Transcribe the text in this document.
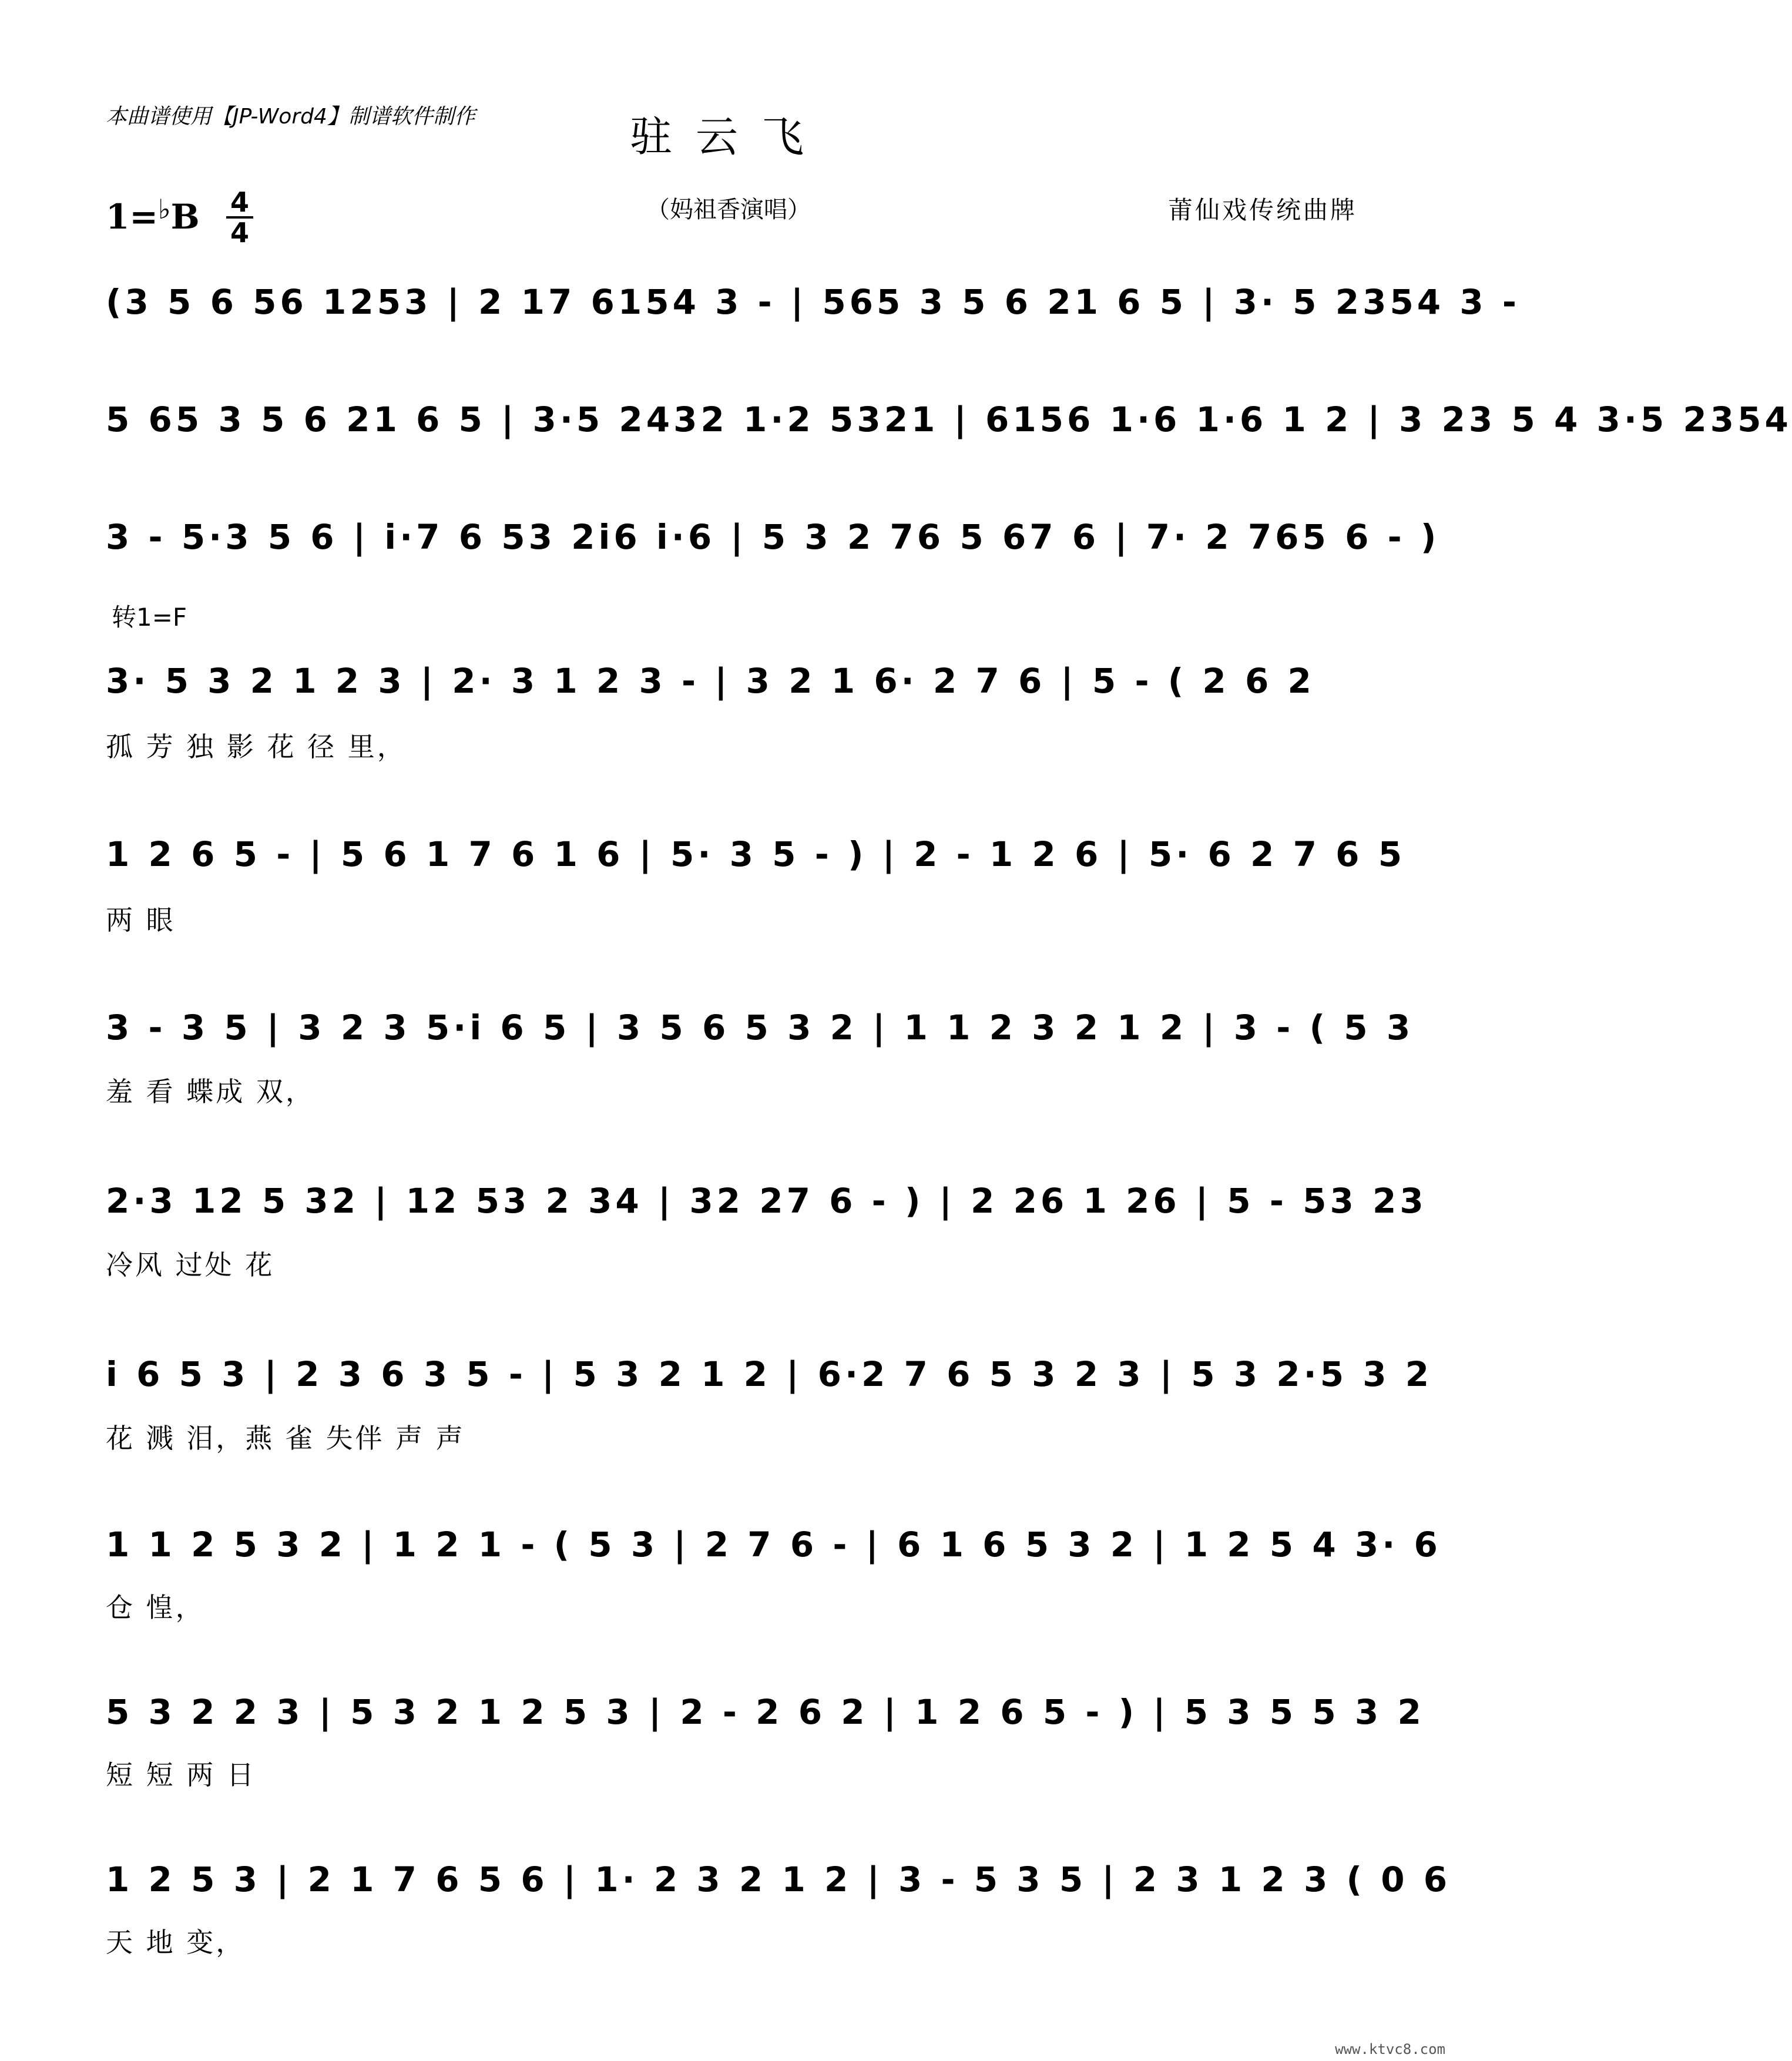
本曲谱使用【JP-Word4】制谱软件制作	驻云飞
（妈祖香演唱）	莆仙戏传统曲牌
1=♭B 4
4
转1=F
(3 5 6 56 1253 | 2 17 6154 3 - | 565 3 5 6 21 6 5 | 3· 5 2354 3 -
5 65 3 5 6 21 6 5 | 3·5 2432 1·2 5321 | 6156 1·6 1·6 1 2 | 3 23 5 4 3·5 2354
3 - 5·3 5 6 | i·7 6 53 2i6 i·6 | 5 3 2 76 5 67 6 | 7· 2 765 6 - )
3· 5 3 2 1 2 3 | 2· 3 1 2 3 - | 3 2 1 6· 2 7 6 | 5 - ( 2 6 2
孤 芳 独 影 花 径 里，
1 2 6 5 - | 5 6 1 7 6 1 6 | 5· 3 5 - ) | 2 - 1 2 6 | 5· 6 2 7 6 5
两 眼
3 - 3 5 | 3 2 3 5·i 6 5 | 3 5 6 5 3 2 | 1 1 2 3 2 1 2 | 3 - ( 5 3
羞 看 蝶成 双，
2·3 12 5 32 | 12 53 2 34 | 32 27 6 - ) | 2 26 1 26 | 5 - 53 23
冷风 过处 花
i 6 5 3 | 2 3 6 3 5 - | 5 3 2 1 2 | 6·2 7 6 5 3 2 3 | 5 3 2·5 3 2
花 溅 泪，燕 雀 失伴 声 声
1 1 2 5 3 2 | 1 2 1 - ( 5 3 | 2 7 6 - | 6 1 6 5 3 2 | 1 2 5 4 3· 6
仓 惶，
5 3 2 2 3 | 5 3 2 1 2 5 3 | 2 - 2 6 2 | 1 2 6 5 - ) | 5 3 5 5 3 2
短 短 两 日
1 2 5 3 | 2 1 7 6 5 6 | 1· 2 3 2 1 2 | 3 - 5 3 5 | 2 3 1 2 3 ( 0 6
天 地 变，
www.ktvc8.com
